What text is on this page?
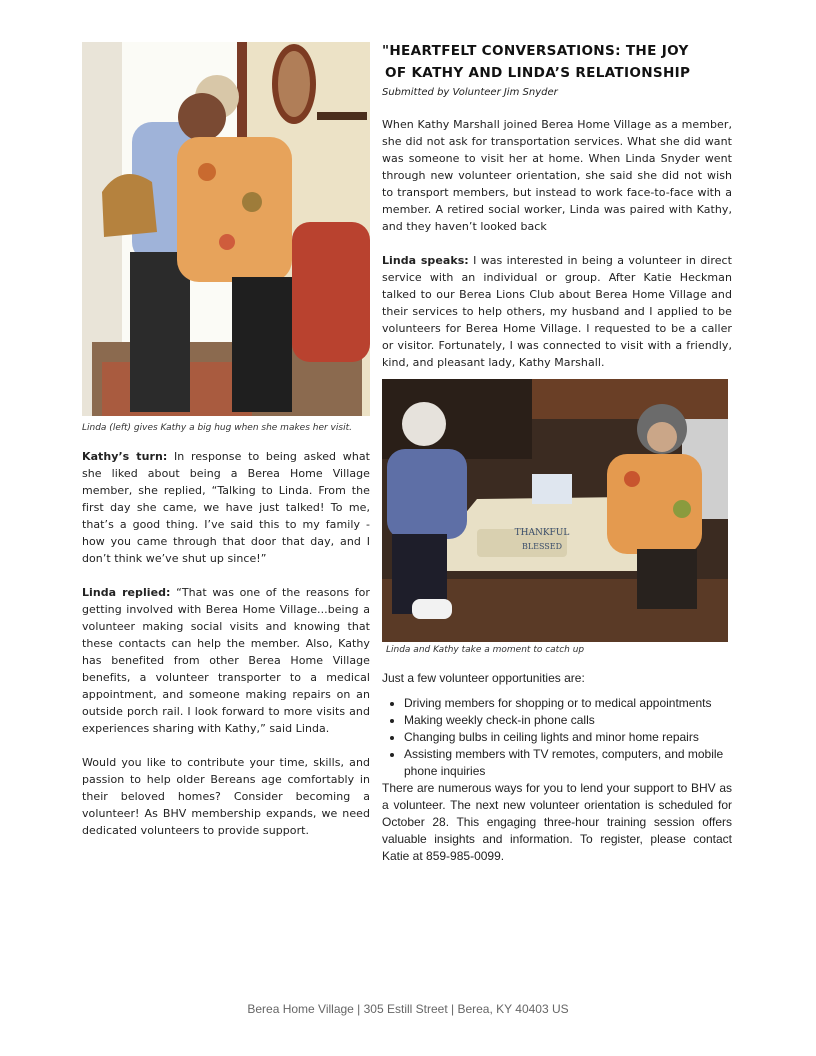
Linda (left) gives Kathy a big hug when she makes her visit.

Kathy’s turn: In response to being asked what she liked about being a Berea Home Village member, she replied, “Talking to Linda. From the first day she came, we have just talked! To me, that’s a good thing. I’ve said this to my family - how you came through that door that day, and I don’t think we’ve shut up since!”

Linda replied: “That was one of the reasons for getting involved with Berea Home Village...being a volunteer making social visits and knowing that these contacts can help the member. Also, Kathy has benefited from other Berea Home Village benefits, a volunteer transporter to a medical appointment, and someone making repairs on an outside porch rail. I look forward to more visits and experiences sharing with Kathy,” said Linda.

Would you like to contribute your time, skills, and passion to help older Bereans age comfortably in their beloved homes? Consider becoming a volunteer! As BHV membership expands, we need dedicated volunteers to provide support.

"HEARTFELT CONVERSATIONS: THE JOY
OF KATHY AND LINDA’S RELATIONSHIP
Submitted by Volunteer Jim Snyder

When Kathy Marshall joined Berea Home Village as a member, she did not ask for transportation services. What she did want was someone to visit her at home. When Linda Snyder went through new volunteer orientation, she said she did not wish to transport members, but instead to work face-to-face with a member. A retired social worker, Linda was paired with Kathy, and they haven’t looked back

Linda speaks: I was interested in being a volunteer in direct service with an individual or group. After Katie Heckman talked to our Berea Lions Club about Berea Home Village and their services to help others, my husband and I applied to be volunteers for Berea Home Village. I requested to be a caller or visitor. Fortunately, I was connected to visit with a friendly, kind, and pleasant lady, Kathy Marshall.

THANKFUL
BLESSED
Linda and Kathy take a moment to catch up

Just a few volunteer opportunities are:

• Driving members for shopping or to medical appointments
• Making weekly check-in phone calls
• Changing bulbs in ceiling lights and minor home repairs
• Assisting members with TV remotes, computers, and mobile phone inquiries

There are numerous ways for you to lend your support to BHV as a volunteer. The next new volunteer orientation is scheduled for October 28. This engaging three-hour training session offers valuable insights and information. To register, please contact Katie at 859-985-0099.

Berea Home Village | 305 Estill Street | Berea, KY 40403 US
